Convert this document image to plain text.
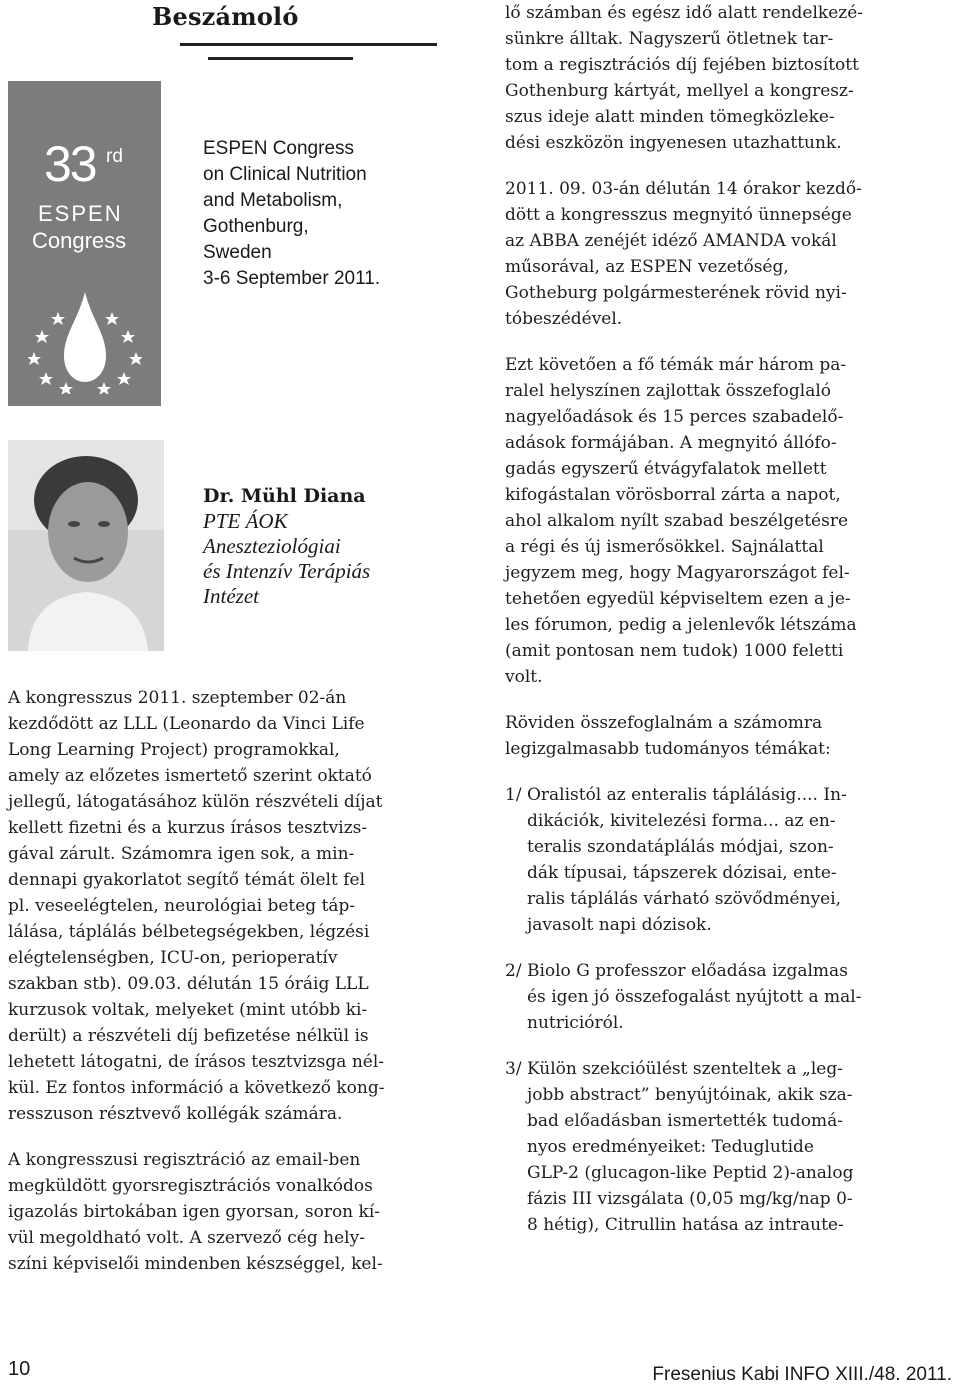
Beszámoló
33 rd
ESPEN
Congress
ESPEN Congress
on Clinical Nutrition
and Metabolism,
Gothenburg,
Sweden
3-6 September 2011.
Dr. Mühl Diana
PTE ÁOK
Aneszteziológiai
és Intenzív Terápiás
Intézet
A kongresszus 2011. szeptember 02-án
kezdődött az LLL (Leonardo da Vinci Life
Long Learning Project) programokkal,
amely az előzetes ismertető szerint oktató
jellegű, látogatásához külön részvételi díjat
kellett fizetni és a kurzus írásos tesztvizs-
gával zárult. Számomra igen sok, a min-
dennapi gyakorlatot segítő témát ölelt fel
pl. veseelégtelen, neurológiai beteg táp-
lálása, táplálás bélbetegségekben, légzési
elégtelenségben, ICU-on, perioperatív
szakban stb). 09.03. délután 15 óráig LLL
kurzusok voltak, melyeket (mint utóbb ki-
derült) a részvételi díj befizetése nélkül is
lehetett látogatni, de írásos tesztvizsga nél-
kül. Ez fontos információ a következő kong-
resszuson résztvevő kollégák számára.
A kongresszusi regisztráció az email-ben
megküldött gyorsregisztrációs vonalkódos
igazolás birtokában igen gyorsan, soron kí-
vül megoldható volt. A szervező cég hely-
színi képviselői mindenben készséggel, kel-
lő számban és egész idő alatt rendelkezé-
sünkre álltak. Nagyszerű ötletnek tar-
tom a regisztrációs díj fejében biztosított
Gothenburg kártyát, mellyel a kongresz-
szus ideje alatt minden tömegközleke-
dési eszközön ingyenesen utazhattunk.
2011. 09. 03-án délután 14 órakor kezdő-
dött a kongresszus megnyitó ünnepsége
az ABBA zenéjét idéző AMANDA vokál
műsorával, az ESPEN vezetőség,
Gotheburg polgármesterének rövid nyi-
tóbeszédével.
Ezt követően a fő témák már három pa-
ralel helyszínen zajlottak összefoglaló
nagyelőadások és 15 perces szabadelő-
adások formájában. A megnyitó állófo-
gadás egyszerű étvágyfalatok mellett
kifogástalan vörösborral zárta a napot,
ahol alkalom nyílt szabad beszélgetésre
a régi és új ismerősökkel. Sajnálattal
jegyzem meg, hogy Magyarországot fel-
tehetően egyedül képviseltem ezen a je-
les fórumon, pedig a jelenlevők létszáma
(amit pontosan nem tudok) 1000 feletti
volt.
Röviden összefoglalnám a számomra
legizgalmasabb tudományos témákat:
1/ Oralistól az enteralis táplálásig.... In-
dikációk, kivitelezési forma... az en-
teralis szondatáplálás módjai, szon-
dák típusai, tápszerek dózisai, ente-
ralis táplálás várható szövődményei,
javasolt napi dózisok.
2/ Biolo G professzor előadása izgalmas
és igen jó összefogalást nyújtott a mal-
nutricióról.
3/ Külön szekcióülést szenteltek a „leg-
jobb abstract” benyújtóinak, akik sza-
bad előadásban ismertették tudomá-
nyos eredményeiket: Teduglutide
GLP-2 (glucagon-like Peptid 2)-analog
fázis III vizsgálata (0,05 mg/kg/nap 0-
8 hétig), Citrullin hatása az intraute-
10	Fresenius Kabi INFO XIII./48. 2011.
